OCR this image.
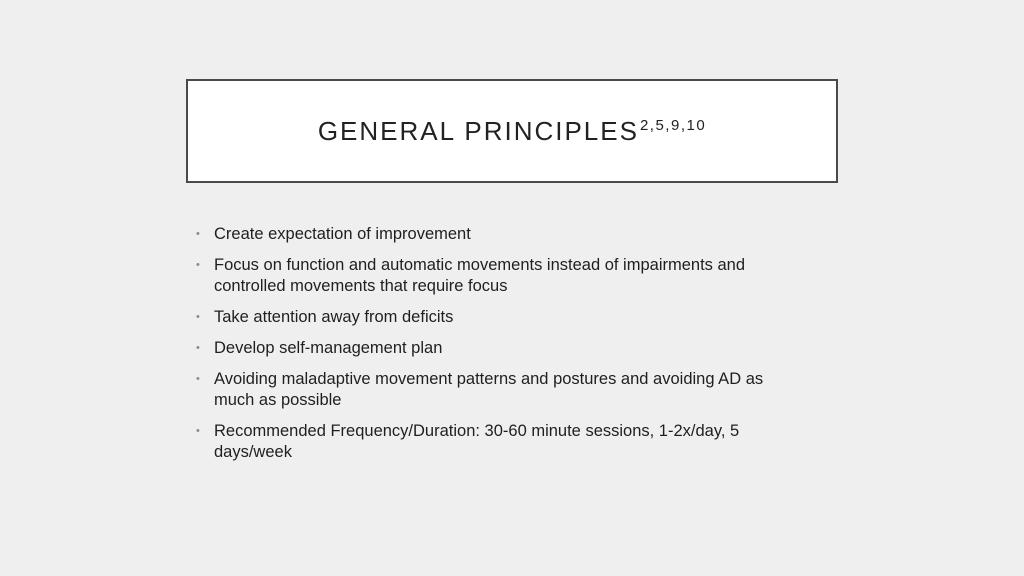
GENERAL PRINCIPLES$^{2,5,9,10}$
• Create expectation of improvement
• Focus on function and automatic movements instead of impairments and controlled movements that require focus
• Take attention away from deficits
• Develop self-management plan
• Avoiding maladaptive movement patterns and postures and avoiding AD as much as possible
• Recommended Frequency/Duration: 30-60 minute sessions, 1-2x/day, 5 days/week
